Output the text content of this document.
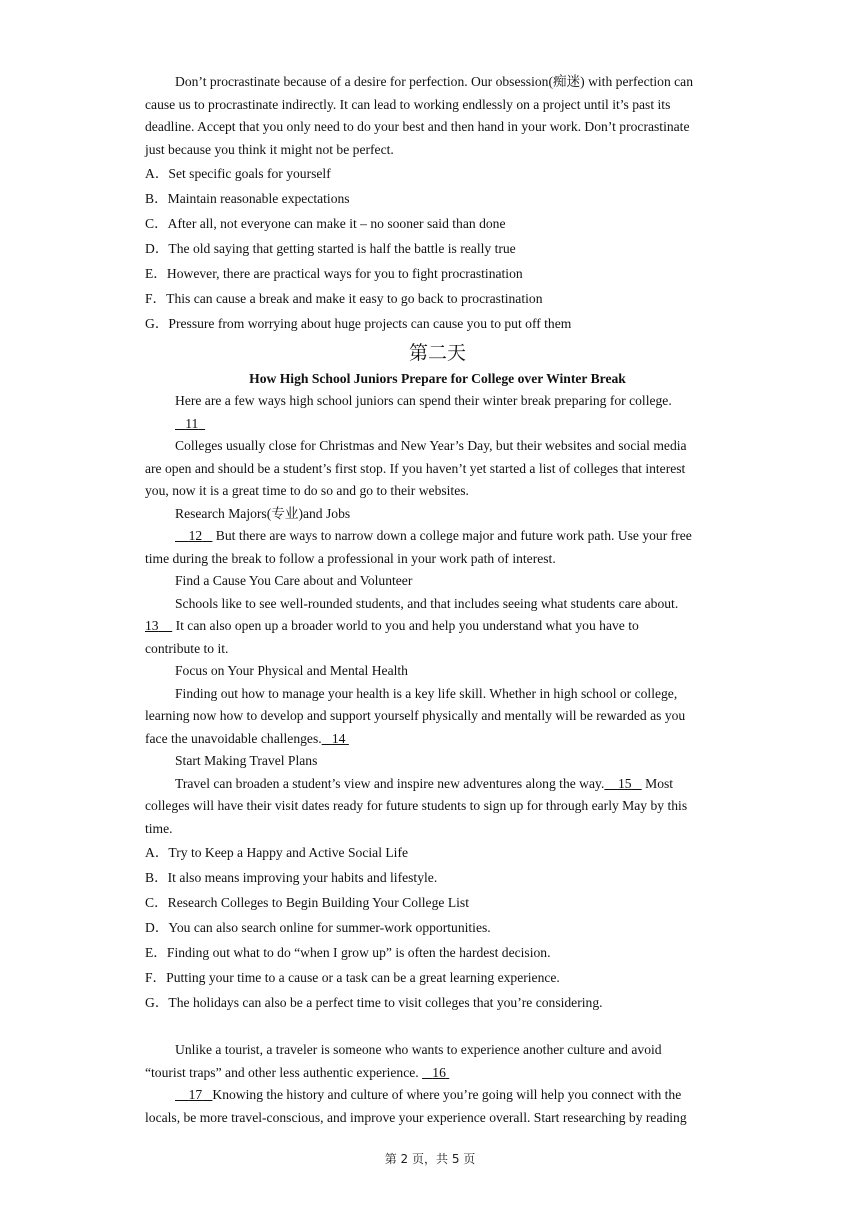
Don’t procrastinate because of a desire for perfection. Our obsession(痴迷) with perfection can

cause us to procrastinate indirectly. It can lead to working endlessly on a project until it’s past its

deadline. Accept that you only need to do your best and then hand in your work. Don’t procrastinate

just because you think it might not be perfect.

A．Set specific goals for yourself

B．Maintain reasonable expectations

C．After all, not everyone can make it – no sooner said than done

D．The old saying that getting started is half the battle is really true

E．However, there are practical ways for you to fight procrastination

F．This can cause a break and make it easy to go back to procrastination

G．Pressure from worrying about huge projects can cause you to put off them

第二天
How High School Juniors Prepare for College over Winter Break

Here are a few ways high school juniors can spend their winter break preparing for college.

11

Colleges usually close for Christmas and New Year’s Day, but their websites and social media

are open and should be a student’s first stop. If you haven’t yet started a list of colleges that interest

you, now it is a great time to do so and go to their websites.

Research Majors(专业)and Jobs

12    But there are ways to narrow down a college major and future work path. Use your free

time during the break to follow a professional in your work path of interest.

Find a Cause You Care about and Volunteer

Schools like to see well-rounded students, and that includes seeing what students care about.

13     It can also open up a broader world to you and help you understand what you have to

contribute to it.

Focus on Your Physical and Mental Health

Finding out how to manage your health is a key life skill. Whether in high school or college,

learning now how to develop and support yourself physically and mentally will be rewarded as you

face the unavoidable challenges. 14

Start Making Travel Plans

Travel can broaden a student’s view and inspire new adventures along the way. 15    Most

colleges will have their visit dates ready for future students to sign up for through early May by this

time.

A．Try to Keep a Happy and Active Social Life

B．It also means improving your habits and lifestyle.

C．Research Colleges to Begin Building Your College List

D．You can also search online for summer-work opportunities.

E．Finding out what to do “when I grow up” is often the hardest decision.

F．Putting your time to a cause or a task can be a great learning experience.

G．The holidays can also be a perfect time to visit colleges that you’re considering.

Unlike a tourist, a traveler is someone who wants to experience another culture and avoid

“tourist traps” and other less authentic experience. 16

17 Knowing the history and culture of where you’re going will help you connect with the

locals, be more travel-conscious, and improve your experience overall. Start researching by reading

第 2 页，共 5 页
